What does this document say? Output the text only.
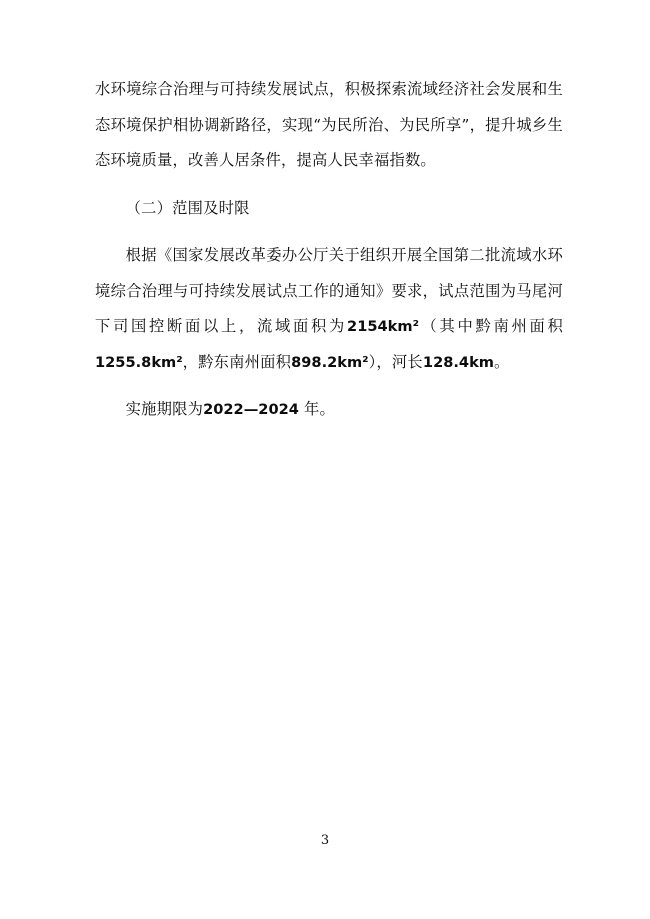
水环境综合治理与可持续发展试点，积极探索流域经济社会发展和生态环境保护相协调新路径，实现“为民所治、为民所享”，提升城乡生态环境质量，改善人居条件，提高人民幸福指数。

（二）范围及时限

根据《国家发展改革委办公厅关于组织开展全国第二批流域水环境综合治理与可持续发展试点工作的通知》要求，试点范围为马尾河下司国控断面以上，流域面积为2154km²（其中黔南州面积1255.8km²，黔东南州面积898.2km²），河长128.4km。

实施期限为2022—2024 年。

3
